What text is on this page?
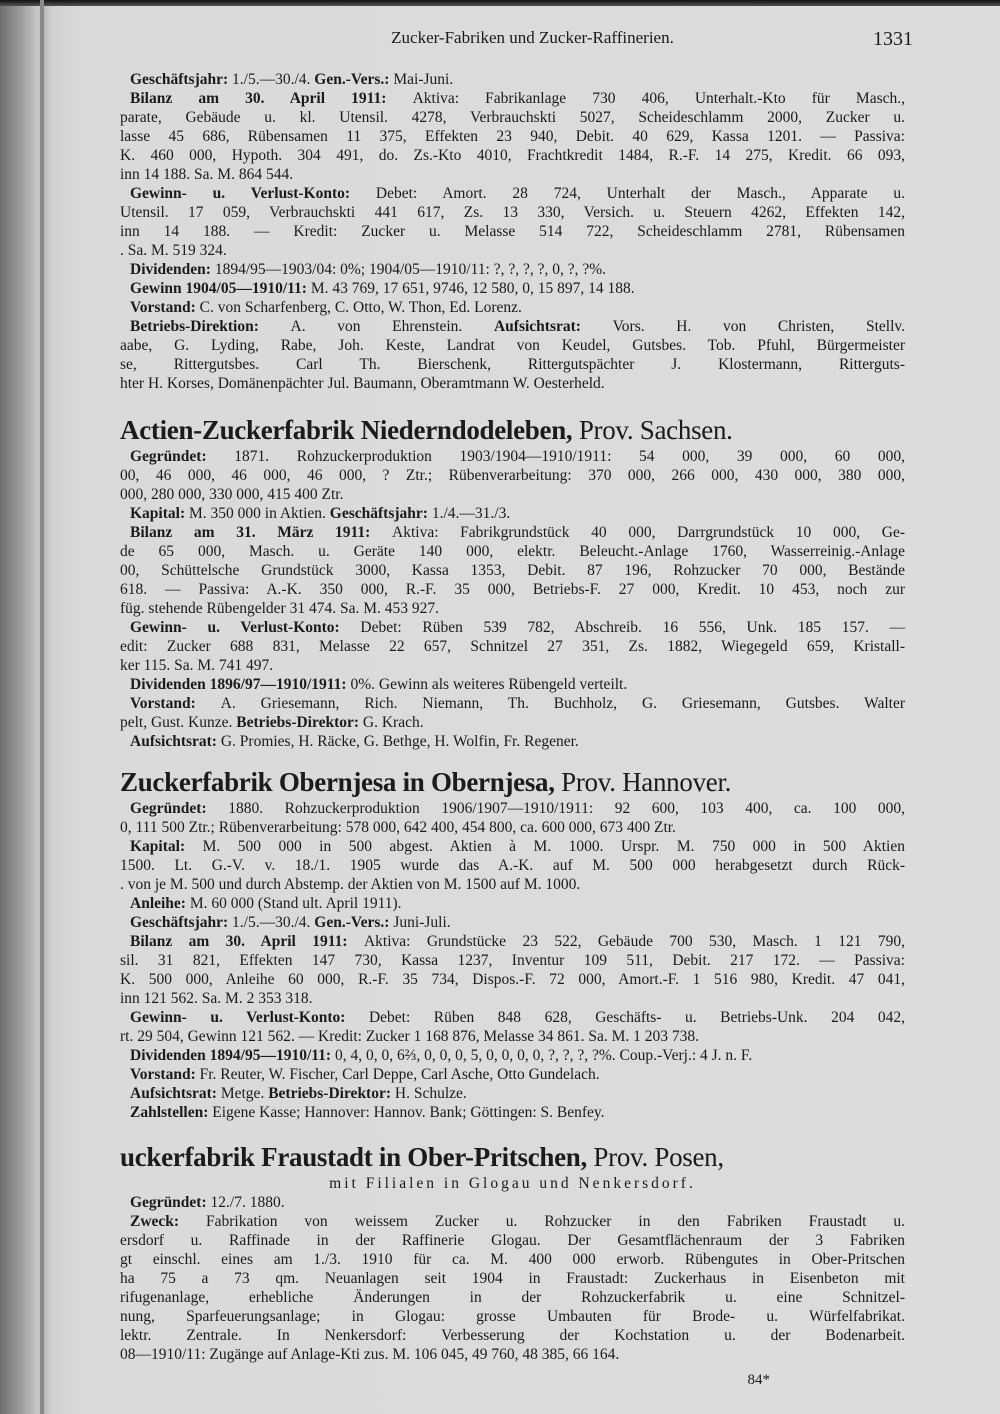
Zucker-Fabriken und Zucker-Raffinerien.	1331
Geschäftsjahr: 1./5.—30./4. Gen.-Vers.: Mai-Juni.
Bilanz am 30. April 1911: Aktiva: Fabrikanlage 730 406, Unterhalt.-Kto für Masch.,
parate, Gebäude u. kl. Utensil. 4278, Verbrauchskti 5027, Scheideschlamm 2000, Zucker u.
lasse 45 686, Rübensamen 11 375, Effekten 23 940, Debit. 40 629, Kassa 1201. — Passiva:
K. 460 000, Hypoth. 304 491, do. Zs.-Kto 4010, Frachtkredit 1484, R.-F. 14 275, Kredit. 66 093,
inn 14 188. Sa. M. 864 544.
Gewinn- u. Verlust-Konto: Debet: Amort. 28 724, Unterhalt der Masch., Apparate u.
Utensil. 17 059, Verbrauchskti 441 617, Zs. 13 330, Versich. u. Steuern 4262, Effekten 142,
inn 14 188. — Kredit: Zucker u. Melasse 514 722, Scheideschlamm 2781, Rübensamen
. Sa. M. 519 324.
Dividenden: 1894/95—1903/04: 0%; 1904/05—1910/11: ?, ?, ?, ?, 0, ?, ?%.
Gewinn 1904/05—1910/11: M. 43 769, 17 651, 9746, 12 580, 0, 15 897, 14 188.
Vorstand: C. von Scharfenberg, C. Otto, W. Thon, Ed. Lorenz.
Betriebs-Direktion: A. von Ehrenstein. Aufsichtsrat: Vors. H. von Christen, Stellv.
aabe, G. Lyding, Rabe, Joh. Keste, Landrat von Keudel, Gutsbes. Tob. Pfuhl, Bürgermeister
se, Rittergutsbes. Carl Th. Bierschenk, Rittergutspächter J. Klostermann, Ritterguts-
hter H. Korses, Domänenpächter Jul. Baumann, Oberamtmann W. Oesterheld.
Actien-Zuckerfabrik Niederndodeleben, Prov. Sachsen.
Gegründet: 1871. Rohzuckerproduktion 1903/1904—1910/1911: 54 000, 39 000, 60 000,
00, 46 000, 46 000, 46 000, ? Ztr.; Rübenverarbeitung: 370 000, 266 000, 430 000, 380 000,
000, 280 000, 330 000, 415 400 Ztr.
Kapital: M. 350 000 in Aktien. Geschäftsjahr: 1./4.—31./3.
Bilanz am 31. März 1911: Aktiva: Fabrikgrundstück 40 000, Darrgrundstück 10 000, Ge-
de 65 000, Masch. u. Geräte 140 000, elektr. Beleucht.-Anlage 1760, Wasserreinig.-Anlage
00, Schüttelsche Grundstück 3000, Kassa 1353, Debit. 87 196, Rohzucker 70 000, Bestände
618. — Passiva: A.-K. 350 000, R.-F. 35 000, Betriebs-F. 27 000, Kredit. 10 453, noch zur
füg. stehende Rübengelder 31 474. Sa. M. 453 927.
Gewinn- u. Verlust-Konto: Debet: Rüben 539 782, Abschreib. 16 556, Unk. 185 157. —
edit: Zucker 688 831, Melasse 22 657, Schnitzel 27 351, Zs. 1882, Wiegegeld 659, Kristall-
ker 115. Sa. M. 741 497.
Dividenden 1896/97—1910/1911: 0%. Gewinn als weiteres Rübengeld verteilt.
Vorstand: A. Griesemann, Rich. Niemann, Th. Buchholz, G. Griesemann, Gutsbes. Walter
pelt, Gust. Kunze. Betriebs-Direktor: G. Krach.
Aufsichtsrat: G. Promies, H. Räcke, G. Bethge, H. Wolfin, Fr. Regener.
Zuckerfabrik Obernjesa in Obernjesa, Prov. Hannover.
Gegründet: 1880. Rohzuckerproduktion 1906/1907—1910/1911: 92 600, 103 400, ca. 100 000,
0, 111 500 Ztr.; Rübenverarbeitung: 578 000, 642 400, 454 800, ca. 600 000, 673 400 Ztr.
Kapital: M. 500 000 in 500 abgest. Aktien à M. 1000. Urspr. M. 750 000 in 500 Aktien
1500. Lt. G.-V. v. 18./1. 1905 wurde das A.-K. auf M. 500 000 herabgesetzt durch Rück-
. von je M. 500 und durch Abstemp. der Aktien von M. 1500 auf M. 1000.
Anleihe: M. 60 000 (Stand ult. April 1911).
Geschäftsjahr: 1./5.—30./4. Gen.-Vers.: Juni-Juli.
Bilanz am 30. April 1911: Aktiva: Grundstücke 23 522, Gebäude 700 530, Masch. 1 121 790,
sil. 31 821, Effekten 147 730, Kassa 1237, Inventur 109 511, Debit. 217 172. — Passiva:
K. 500 000, Anleihe 60 000, R.-F. 35 734, Dispos.-F. 72 000, Amort.-F. 1 516 980, Kredit. 47 041,
inn 121 562. Sa. M. 2 353 318.
Gewinn- u. Verlust-Konto: Debet: Rüben 848 628, Geschäfts- u. Betriebs-Unk. 204 042,
rt. 29 504, Gewinn 121 562. — Kredit: Zucker 1 168 876, Melasse 34 861. Sa. M. 1 203 738.
Dividenden 1894/95—1910/11: 0, 4, 0, 0, 6⅔, 0, 0, 0, 5, 0, 0, 0, 0, ?, ?, ?, ?%. Coup.-Verj.: 4 J. n. F.
Vorstand: Fr. Reuter, W. Fischer, Carl Deppe, Carl Asche, Otto Gundelach.
Aufsichtsrat: Metge. Betriebs-Direktor: H. Schulze.
Zahlstellen: Eigene Kasse; Hannover: Hannov. Bank; Göttingen: S. Benfey.
uckerfabrik Fraustadt in Ober-Pritschen, Prov. Posen,
mit Filialen in Glogau und Nenkersdorf.
Gegründet: 12./7. 1880.
Zweck: Fabrikation von weissem Zucker u. Rohzucker in den Fabriken Fraustadt u.
ersdorf u. Raffinade in der Raffinerie Glogau. Der Gesamtflächenraum der 3 Fabriken
gt einschl. eines am 1./3. 1910 für ca. M. 400 000 erworb. Rübengutes in Ober-Pritschen
ha 75 a 73 qm. Neuanlagen seit 1904 in Fraustadt: Zuckerhaus in Eisenbeton mit
rifugenanlage, erhebliche Änderungen in der Rohzuckerfabrik u. eine Schnitzel-
nung, Sparfeuerungsanlage; in Glogau: grosse Umbauten für Brode- u. Würfelfabrikat.
lektr. Zentrale. In Nenkersdorf: Verbesserung der Kochstation u. der Bodenarbeit.
08—1910/11: Zugänge auf Anlage-Kti zus. M. 106 045, 49 760, 48 385, 66 164.
84*
